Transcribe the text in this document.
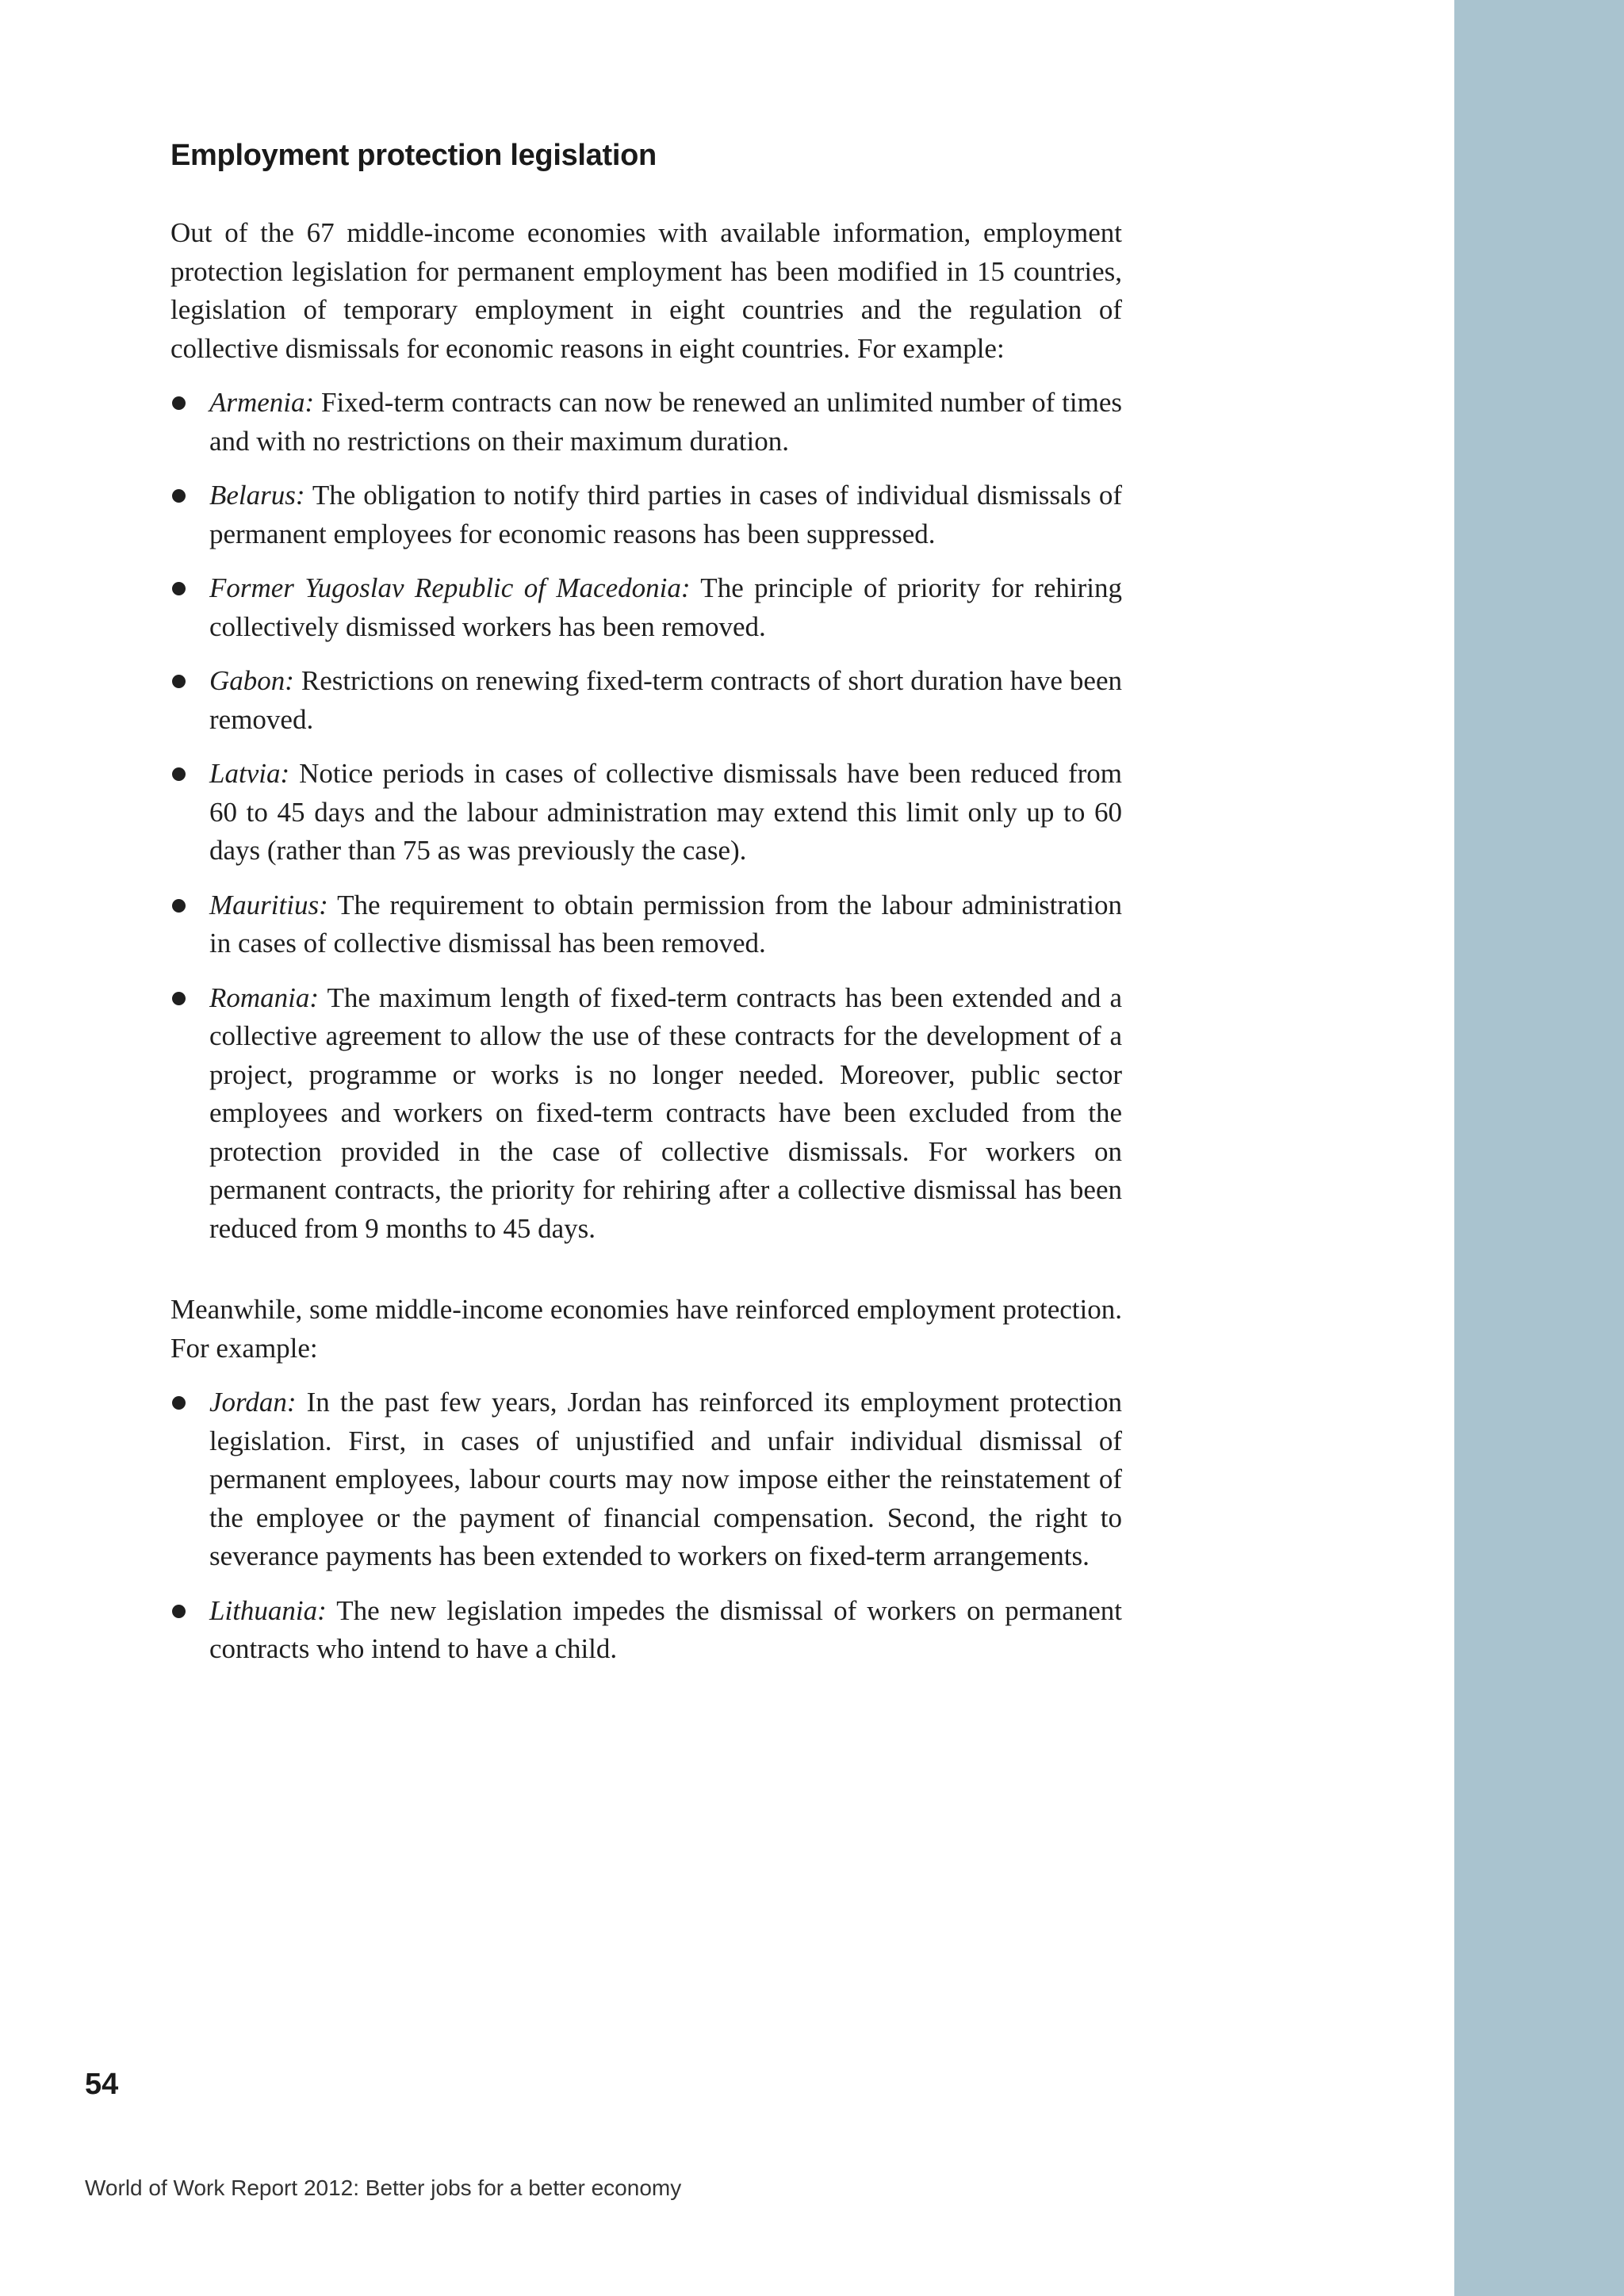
Employment protection legislation

Out of the 67 middle-income economies with available information, employment protection legislation for permanent employment has been modified in 15 countries, legislation of temporary employment in eight countries and the regulation of collective dismissals for economic reasons in eight countries. For example:

Armenia: Fixed-term contracts can now be renewed an unlimited number of times and with no restrictions on their maximum duration.
Belarus: The obligation to notify third parties in cases of individual dismissals of permanent employees for economic reasons has been suppressed.
Former Yugoslav Republic of Macedonia: The principle of priority for rehiring collectively dismissed workers has been removed.
Gabon: Restrictions on renewing fixed-term contracts of short duration have been removed.
Latvia: Notice periods in cases of collective dismissals have been reduced from 60 to 45 days and the labour administration may extend this limit only up to 60 days (rather than 75 as was previously the case).
Mauritius: The requirement to obtain permission from the labour administration in cases of collective dismissal has been removed.
Romania: The maximum length of fixed-term contracts has been extended and a collective agreement to allow the use of these contracts for the development of a project, programme or works is no longer needed. Moreover, public sector employees and workers on fixed-term contracts have been excluded from the protection provided in the case of collective dismissals. For workers on permanent contracts, the priority for rehiring after a collective dismissal has been reduced from 9 months to 45 days.

Meanwhile, some middle-income economies have reinforced employment protection. For example:

Jordan: In the past few years, Jordan has reinforced its employment protection legislation. First, in cases of unjustified and unfair individual dismissal of permanent employees, labour courts may now impose either the reinstatement of the employee or the payment of financial compensation. Second, the right to severance payments has been extended to workers on fixed-term arrangements.
Lithuania: The new legislation impedes the dismissal of workers on permanent contracts who intend to have a child.
54
World of Work Report 2012: Better jobs for a better economy
